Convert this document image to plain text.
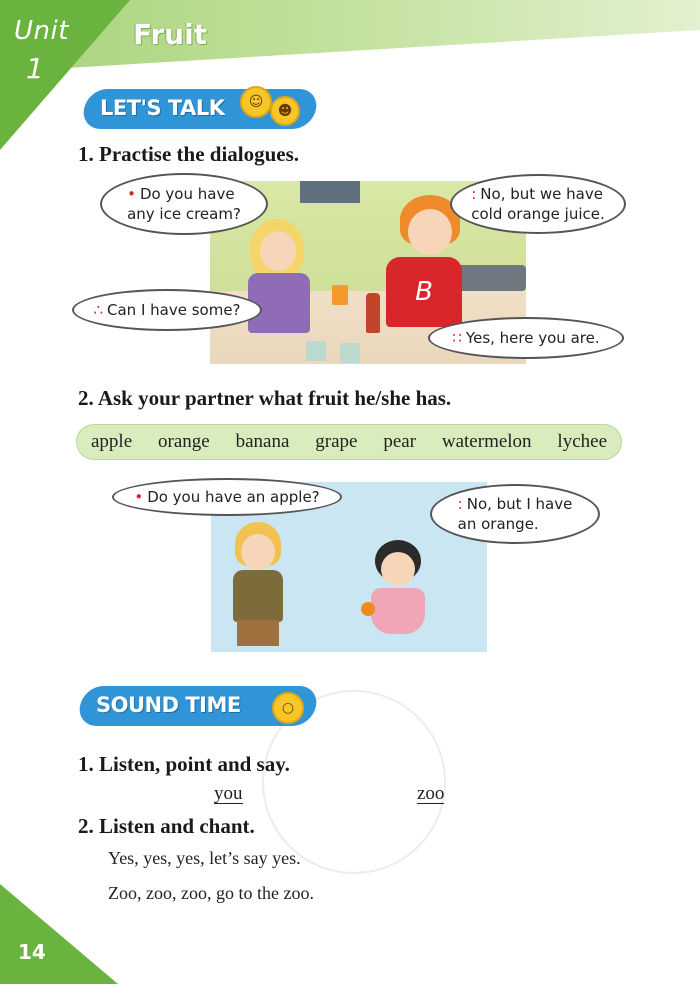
Unit
1
Fruit
LET'S TALK	☺
☻
1. Practise the dialogues.
B
• Do you have
any ice cream?
: No, but we have
cold orange juice.
∴ Can I have some?
∷ Yes, here you are.
2. Ask your partner what fruit he/she has.
apple orange banana grape pear watermelon lychee
• Do you have an apple?	: No, but I have
an orange.
SOUND TIME	○
1. Listen, point and say.
you	zoo
2. Listen and chant.
Yes, yes, yes, let’s say yes.
Zoo, zoo, zoo, go to the zoo.
14
